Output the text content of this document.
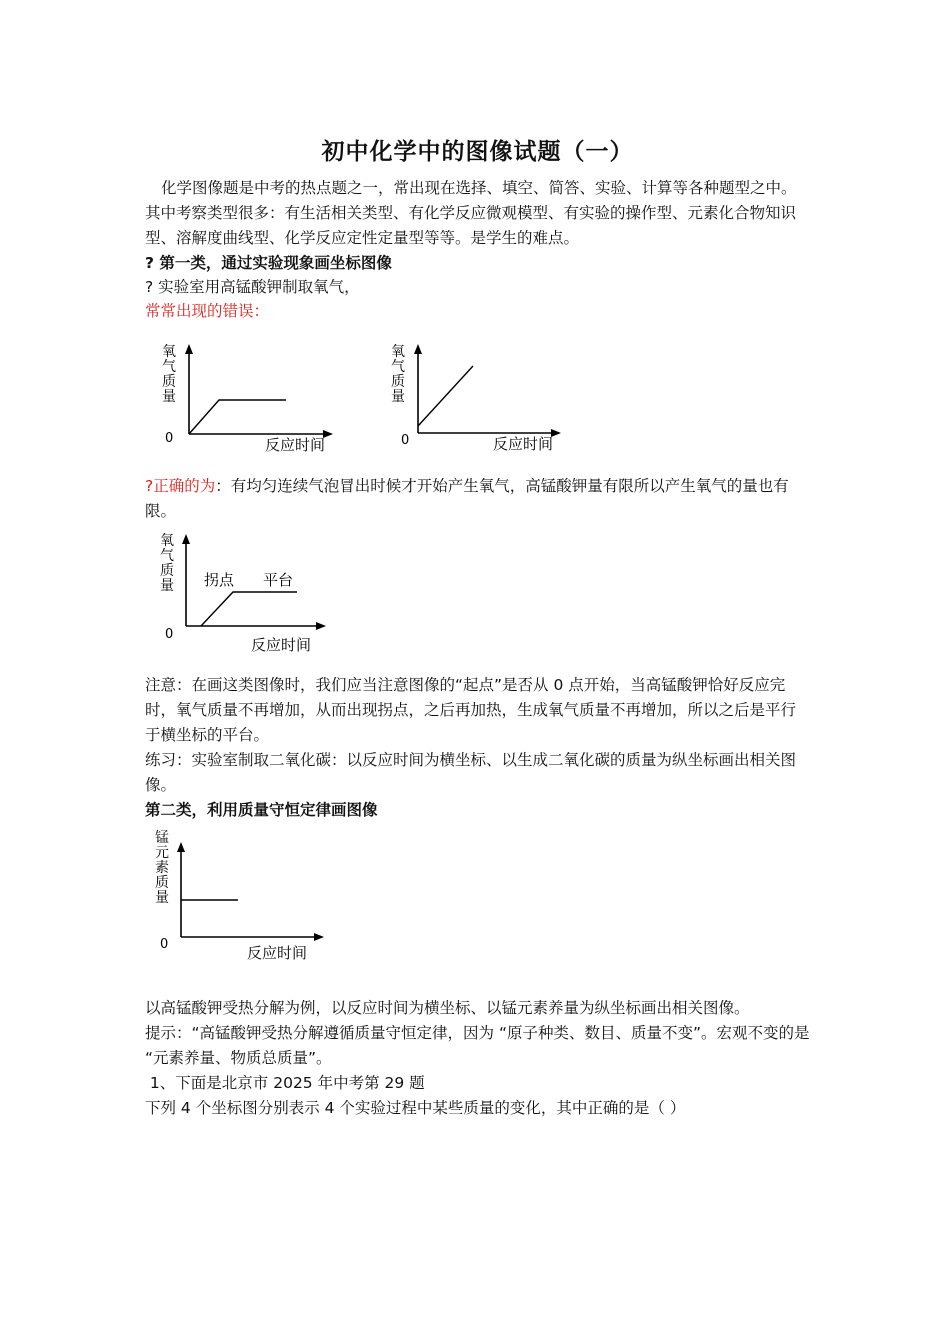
初中化学中的图像试题（一）

化学图像题是中考的热点题之一，常出现在选择、填空、简答、实验、计算等各种题型之中。其中考察类型很多：有生活相关类型、有化学反应微观模型、有实验的操作型、元素化合物知识型、溶解度曲线型、化学反应定性定量型等等。是学生的难点。

? 第一类，通过实验现象画坐标图像

? 实验室用高锰酸钾制取氧气，

常常出现的错误：

氧
气
质
量
0	反应时间
氧
气
质
量
0	反应时间

?正确的为：有均匀连续气泡冒出时候才开始产生氧气，高锰酸钾量有限所以产生氧气的量也有限。

氧
气
质
量 拐点 平台
0
反应时间

注意：在画这类图像时，我们应当注意图像的“起点”是否从 0 点开始，当高锰酸钾恰好反应完时，氧气质量不再增加，从而出现拐点，之后再加热，生成氧气质量不再增加，所以之后是平行于横坐标的平台。

练习：实验室制取二氧化碳：以反应时间为横坐标、以生成二氧化碳的质量为纵坐标画出相关图像。

第二类，利用质量守恒定律画图像

锰
元
素
质
量
0	反应时间

以高锰酸钾受热分解为例，以反应时间为横坐标、以锰元素养量为纵坐标画出相关图像。

提示：“高锰酸钾受热分解遵循质量守恒定律，因为 “原子种类、数目、质量不变”。宏观不变的是 “元素养量、物质总质量”。

1、下面是北京市 2025 年中考第 29 题

下列 4 个坐标图分别表示 4 个实验过程中某些质量的变化，其中正确的是（ ）
